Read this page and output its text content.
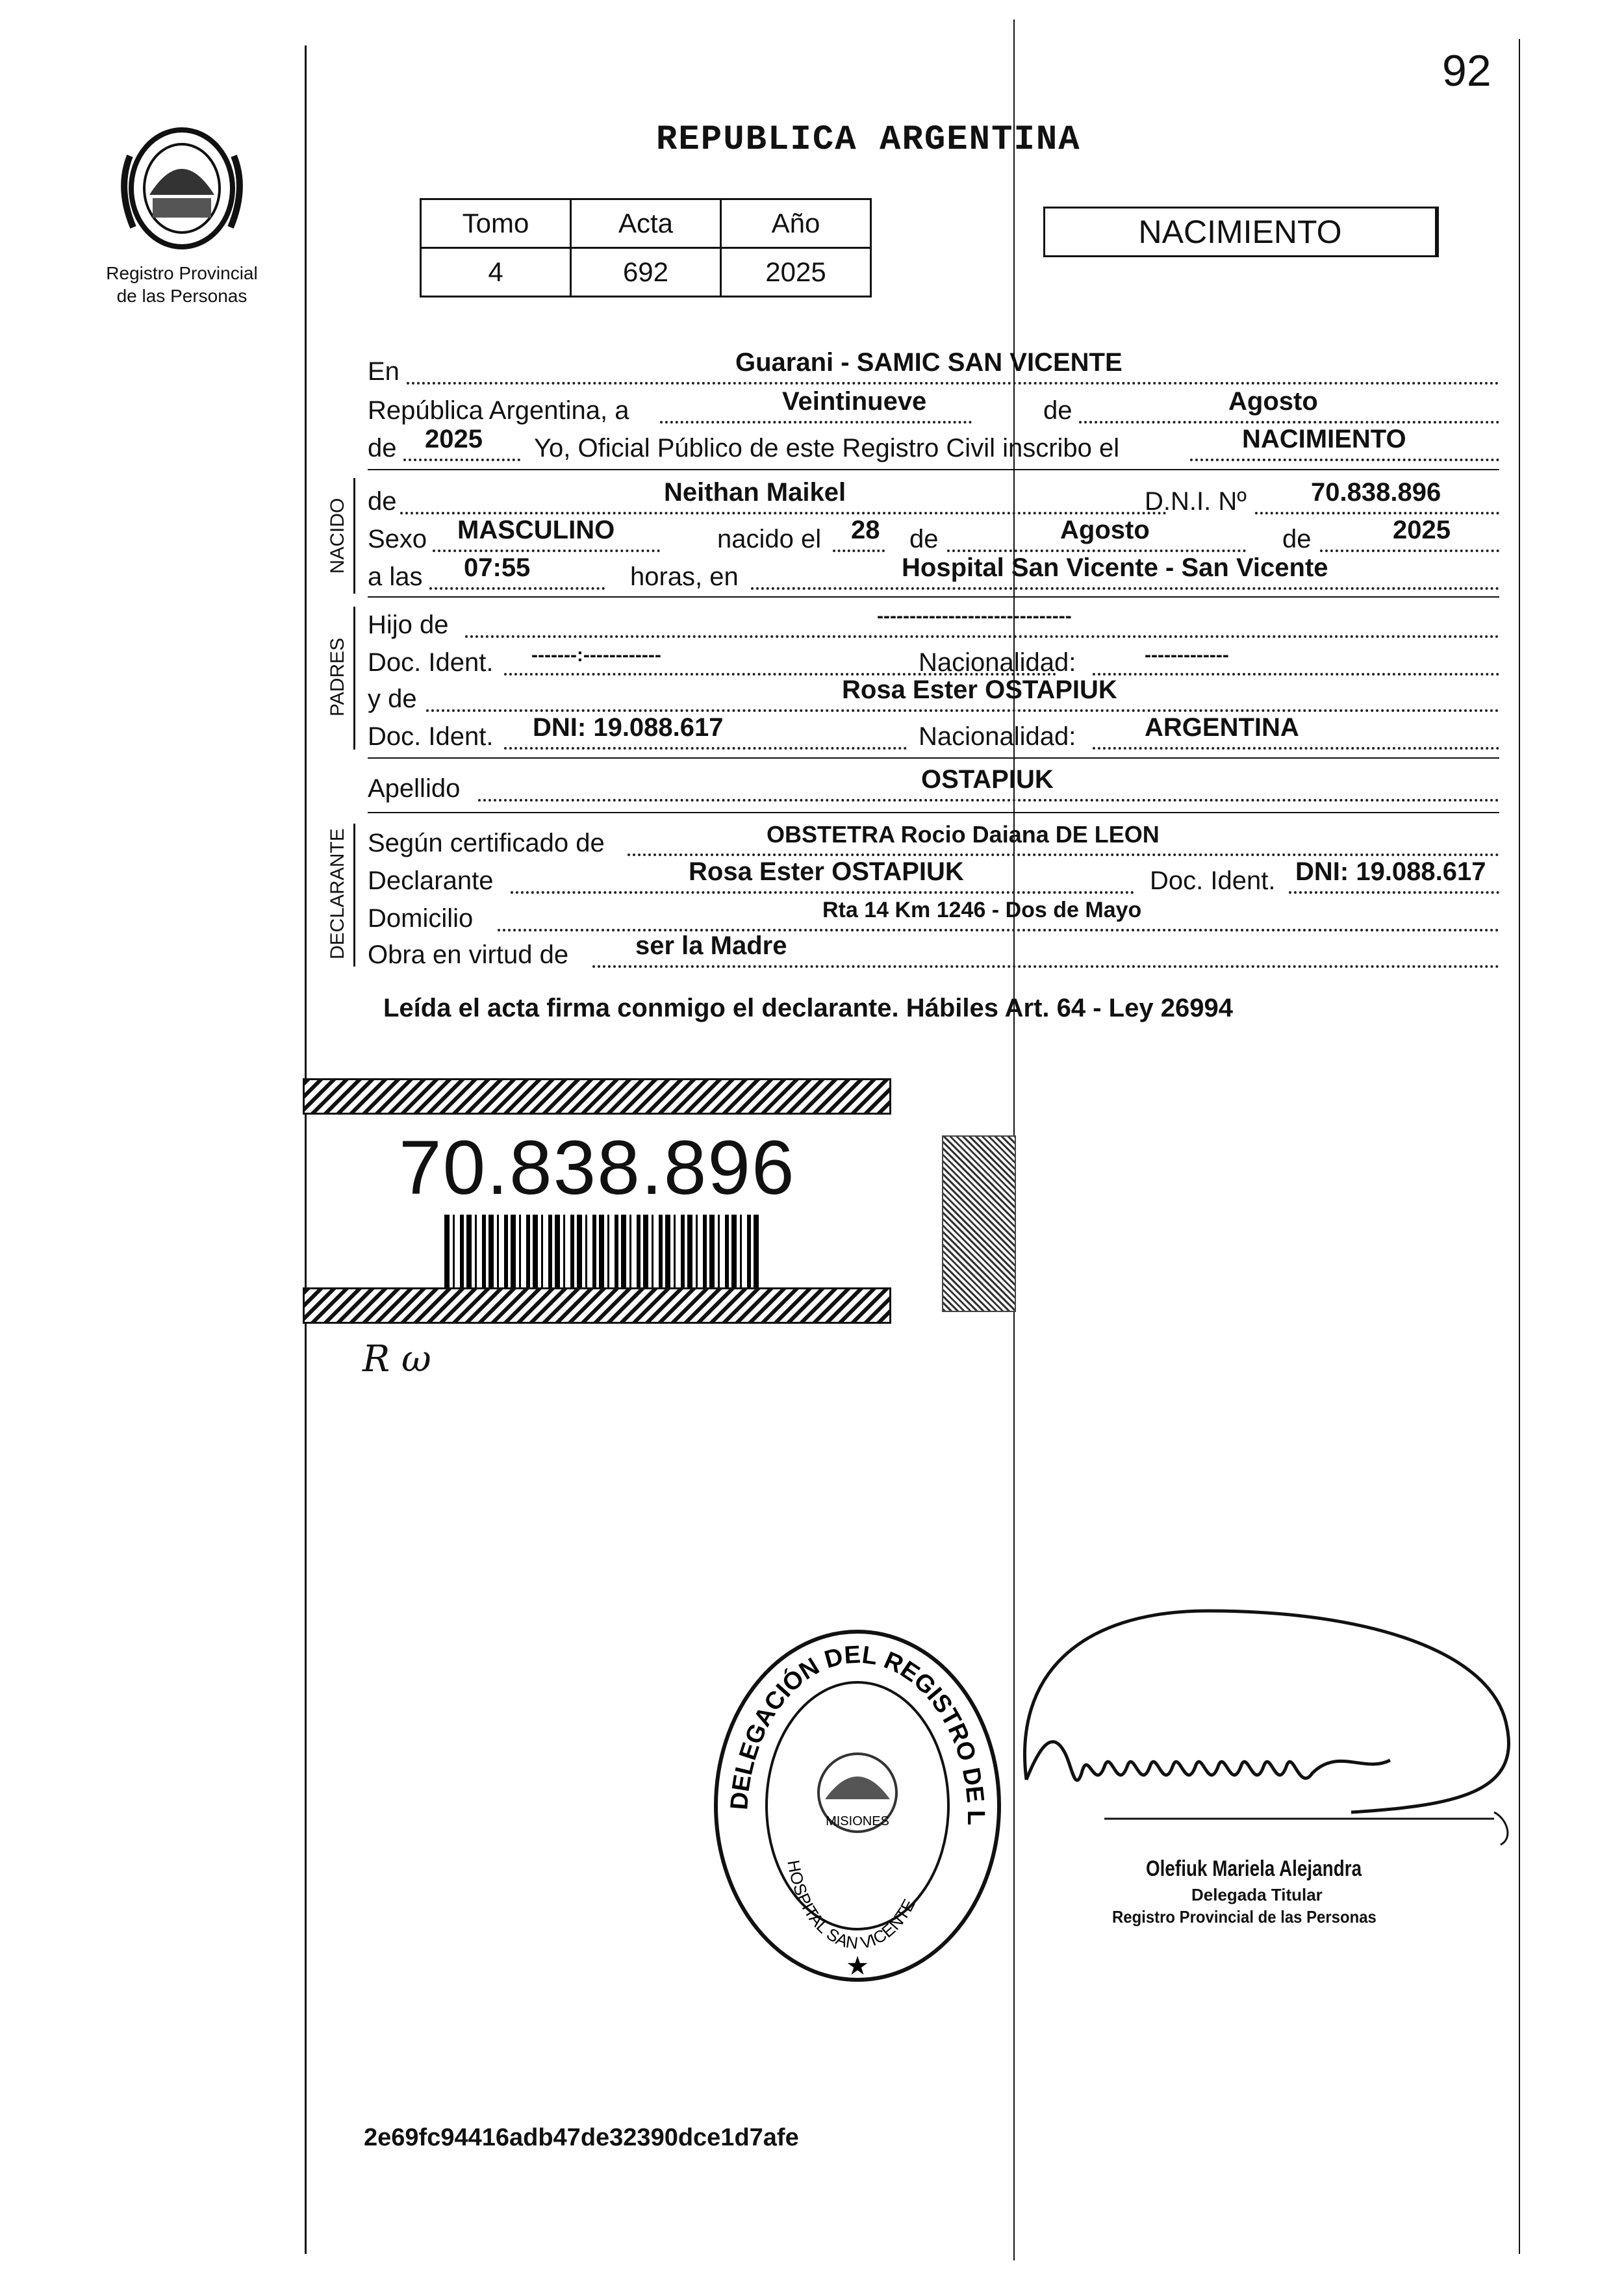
92
Registro Provincial
de las Personas
REPUBLICA ARGENTINA
Tomo	Acta	Año
4	692	2025
NACIMIENTO
En	Guarani - SAMIC SAN VICENTE
República Argentina, a	Veintinueve	de	Agosto
de 2025 Yo, Oficial Público de este Registro Civil inscribo el	NACIMIENTO
NACIDO de	Neithan Maikel	D.N.I. Nº 70.838.896
Sexo MASCULINO	nacido el 28 de	Agosto	de	2025
a las 07:55	horas, en	Hospital San Vicente - San Vicente
PADRES
Hijo de	------------------------------
Doc. Ident. -------:------------	Nacionalidad:	-------------
y de	Rosa Ester OSTAPIUK
Doc. Ident. DNI: 19.088.617	Nacionalidad:	ARGENTINA
Apellido	OSTAPIUK
DECLARANTE Según certificado de	OBSTETRA Rocio Daiana DE LEON
Declarante	Rosa Ester OSTAPIUK	Doc. Ident. DNI: 19.088.617
Domicilio	Rta 14 Km 1246 - Dos de Mayo
Obra en virtud de	ser la Madre
Leída el acta firma conmigo el declarante. Hábiles Art. 64 - Ley 26994
70.838.896
R ω
DELEGACIÓN DEL REGISTRO DE L
HOSPITAL SAN VICENTE
MISIONES
★
Olefiuk Mariela Alejandra
Delegada Titular
Registro Provincial de las Personas
2e69fc94416adb47de32390dce1d7afe
